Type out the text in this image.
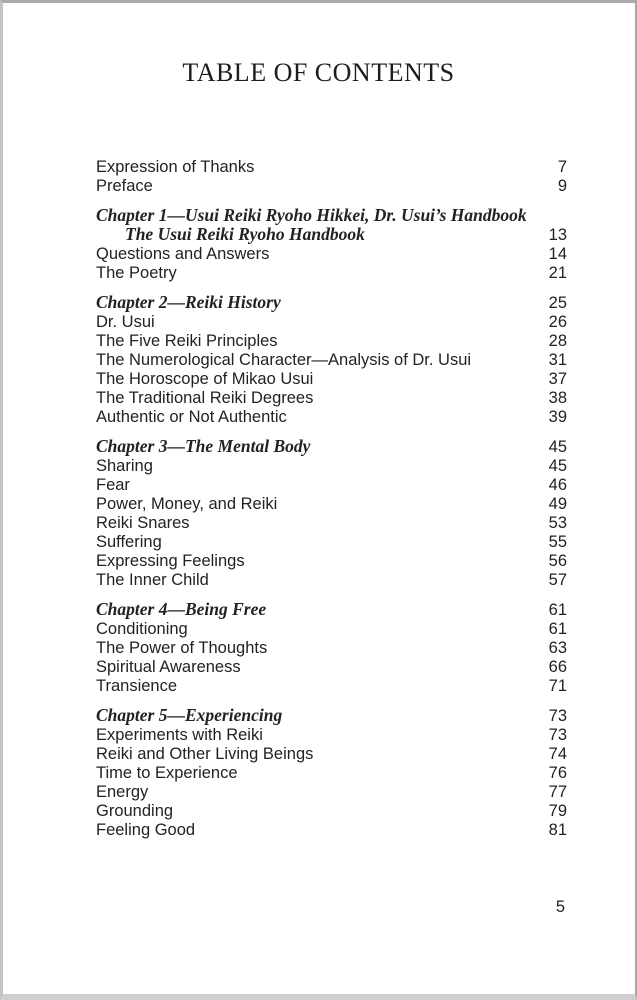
TABLE OF CONTENTS
Expression of Thanks	7
Preface	9
Chapter 1—Usui Reiki Ryoho Hikkei, Dr. Usui’s Handbook
The Usui Reiki Ryoho Handbook	13
Questions and Answers	14
The Poetry	21
Chapter 2—Reiki History	25
Dr. Usui	26
The Five Reiki Principles	28
The Numerological Character—Analysis of Dr. Usui	31
The Horoscope of Mikao Usui	37
The Traditional Reiki Degrees	38
Authentic or Not Authentic	39
Chapter 3—The Mental Body	45
Sharing	45
Fear	46
Power, Money, and Reiki	49
Reiki Snares	53
Suffering	55
Expressing Feelings	56
The Inner Child	57
Chapter 4—Being Free	61
Conditioning	61
The Power of Thoughts	63
Spiritual Awareness	66
Transience	71
Chapter 5—Experiencing	73
Experiments with Reiki	73
Reiki and Other Living Beings	74
Time to Experience	76
Energy	77
Grounding	79
Feeling Good	81
5
